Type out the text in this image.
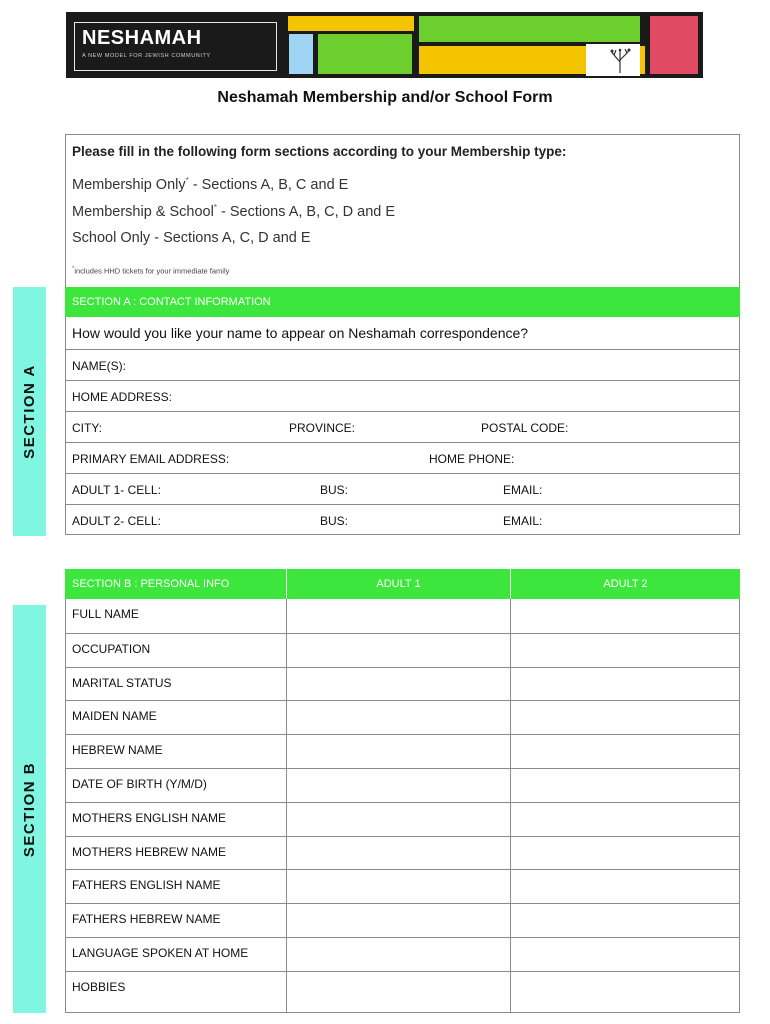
NESHAMAH
A NEW MODEL FOR JEWISH COMMUNITY
Neshamah Membership and/or School Form
Please fill in the following form sections according to your Membership type:
Membership Only* - Sections A, B, C and E
Membership & School* - Sections A, B, C, D and E
School Only - Sections A, C, D and E
*includes HHD tickets for your immediate family
SECTION A
SECTION A : CONTACT INFORMATION
How would you like your name to appear on Neshamah correspondence?
NAME(S):
HOME ADDRESS:
CITY:	PROVINCE:	POSTAL CODE:
PRIMARY EMAIL ADDRESS:	HOME PHONE:
ADULT 1- CELL:	BUS:	EMAIL:
ADULT 2- CELL:	BUS:	EMAIL:
SECTION B
SECTION B : PERSONAL INFO	ADULT 1	ADULT 2
FULL NAME
OCCUPATION
MARITAL STATUS
MAIDEN NAME
HEBREW NAME
DATE OF BIRTH (Y/M/D)
MOTHERS ENGLISH NAME
MOTHERS HEBREW NAME
FATHERS ENGLISH NAME
FATHERS HEBREW NAME
LANGUAGE SPOKEN AT HOME
HOBBIES
